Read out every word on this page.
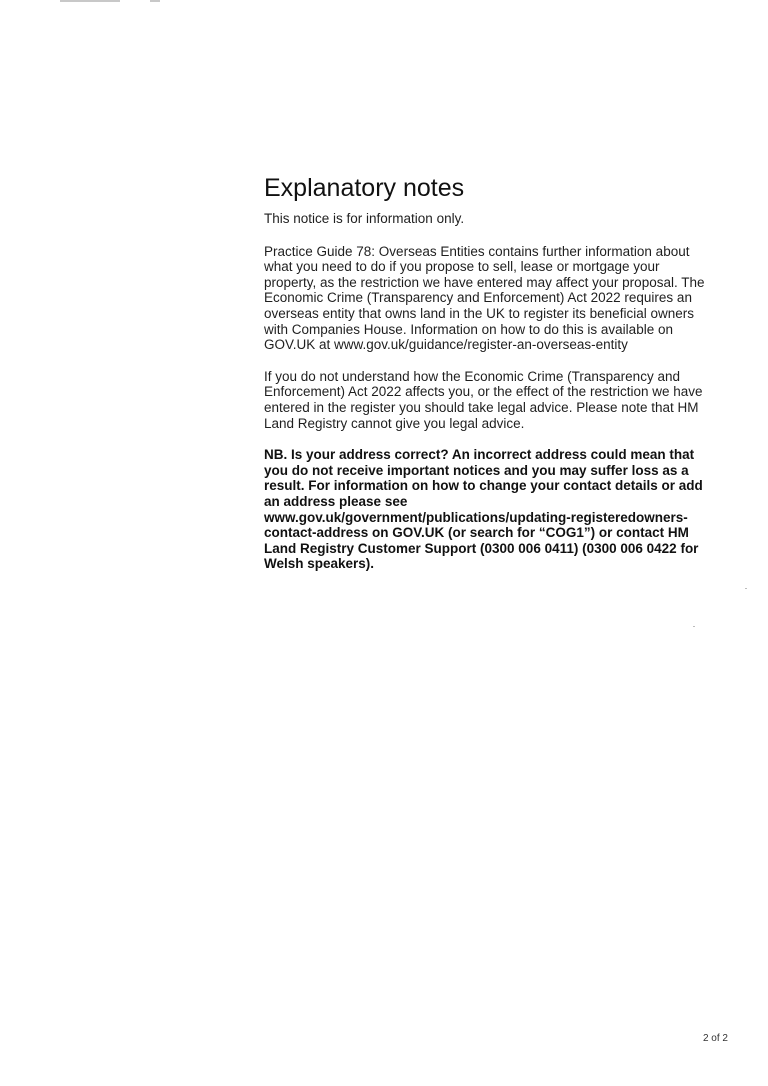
Explanatory notes

This notice is for information only.

Practice Guide 78: Overseas Entities contains further information about what you need to do if you propose to sell, lease or mortgage your property, as the restriction we have entered may affect your proposal. The Economic Crime (Transparency and Enforcement) Act 2022 requires an overseas entity that owns land in the UK to register its beneficial owners with Companies House. Information on how to do this is available on GOV.UK at www.gov.uk/guidance/register-an-overseas-entity

If you do not understand how the Economic Crime (Transparency and Enforcement) Act 2022 affects you, or the effect of the restriction we have entered in the register you should take legal advice. Please note that HM Land Registry cannot give you legal advice.

NB. Is your address correct? An incorrect address could mean that you do not receive important notices and you may suffer loss as a result. For information on how to change your contact details or add an address please see www.gov.uk/government/publications/updating-registeredowners-contact-address on GOV.UK (or search for “COG1”) or contact HM Land Registry Customer Support (0300 006 0411) (0300 006 0422 for Welsh speakers).

2 of 2
